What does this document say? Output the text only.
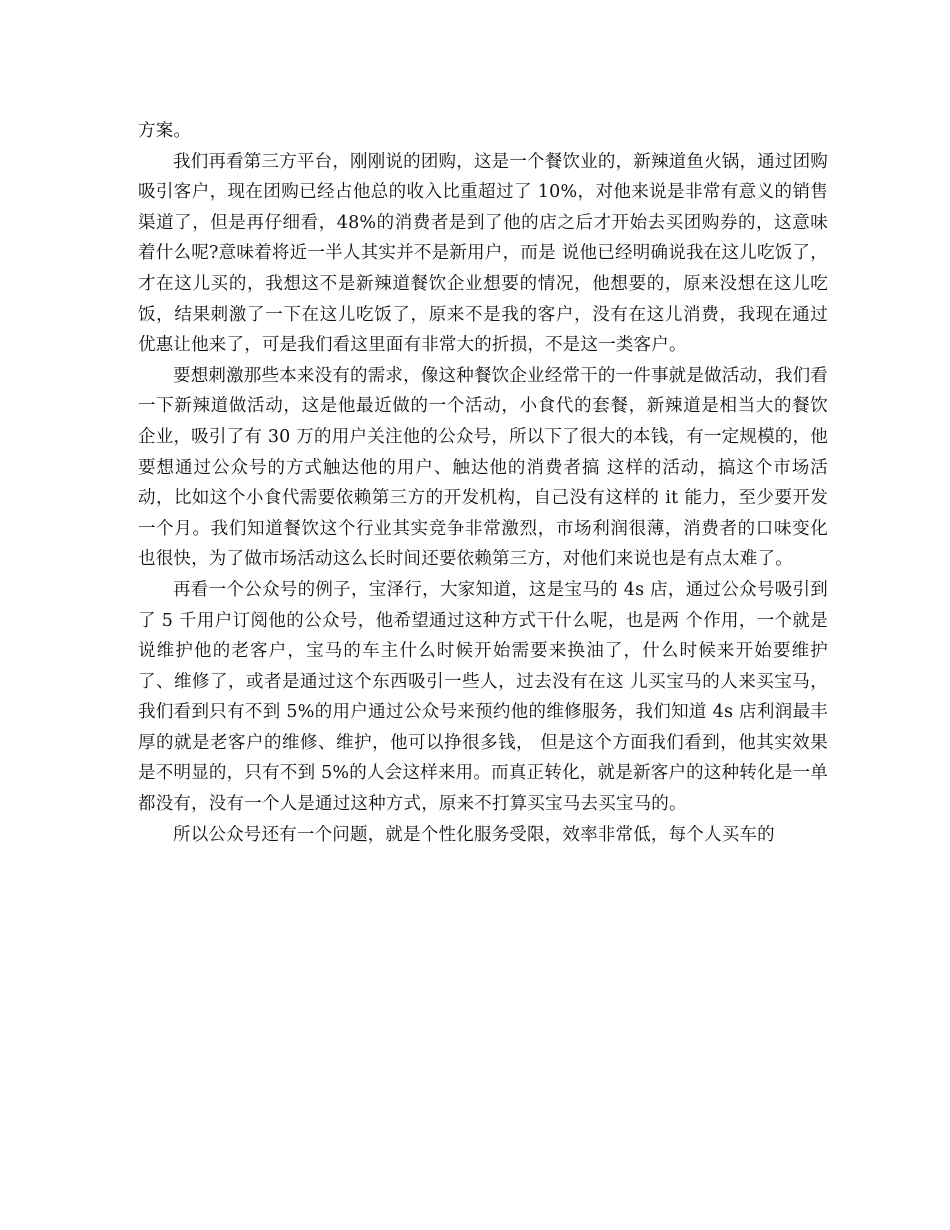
方案。

我们再看第三方平台，刚刚说的团购，这是一个餐饮业的，新辣道鱼火锅，通过团购吸引客户，现在团购已经占他总的收入比重超过了 10%，对他来说是非常有意义的销售渠道了，但是再仔细看，48%的消费者是到了他的店之后才开始去买团购券的，这意味着什么呢?意味着将近一半人其实并不是新用户，而是 说他已经明确说我在这儿吃饭了，才在这儿买的，我想这不是新辣道餐饮企业想要的情况，他想要的，原来没想在这儿吃饭，结果刺激了一下在这儿吃饭了，原来不是我的客户，没有在这儿消费，我现在通过优惠让他来了，可是我们看这里面有非常大的折损，不是这一类客户。

要想刺激那些本来没有的需求，像这种餐饮企业经常干的一件事就是做活动，我们看一下新辣道做活动，这是他最近做的一个活动，小食代的套餐，新辣道是相当大的餐饮企业，吸引了有 30 万的用户关注他的公众号，所以下了很大的本钱，有一定规模的，他要想通过公众号的方式触达他的用户、触达他的消费者搞 这样的活动，搞这个市场活动，比如这个小食代需要依赖第三方的开发机构，自己没有这样的 it 能力，至少要开发一个月。我们知道餐饮这个行业其实竞争非常激烈，市场利润很薄，消费者的口味变化也很快，为了做市场活动这么长时间还要依赖第三方，对他们来说也是有点太难了。

再看一个公众号的例子，宝泽行，大家知道，这是宝马的 4s 店，通过公众号吸引到了 5 千用户订阅他的公众号，他希望通过这种方式干什么呢，也是两 个作用，一个就是说维护他的老客户，宝马的车主什么时候开始需要来换油了，什么时候来开始要维护了、维修了，或者是通过这个东西吸引一些人，过去没有在这 儿买宝马的人来买宝马，我们看到只有不到 5%的用户通过公众号来预约他的维修服务，我们知道 4s 店利润最丰厚的就是老客户的维修、维护，他可以挣很多钱， 但是这个方面我们看到，他其实效果是不明显的，只有不到 5%的人会这样来用。而真正转化，就是新客户的这种转化是一单都没有，没有一个人是通过这种方式，原来不打算买宝马去买宝马的。

所以公众号还有一个问题，就是个性化服务受限，效率非常低，每个人买车的
